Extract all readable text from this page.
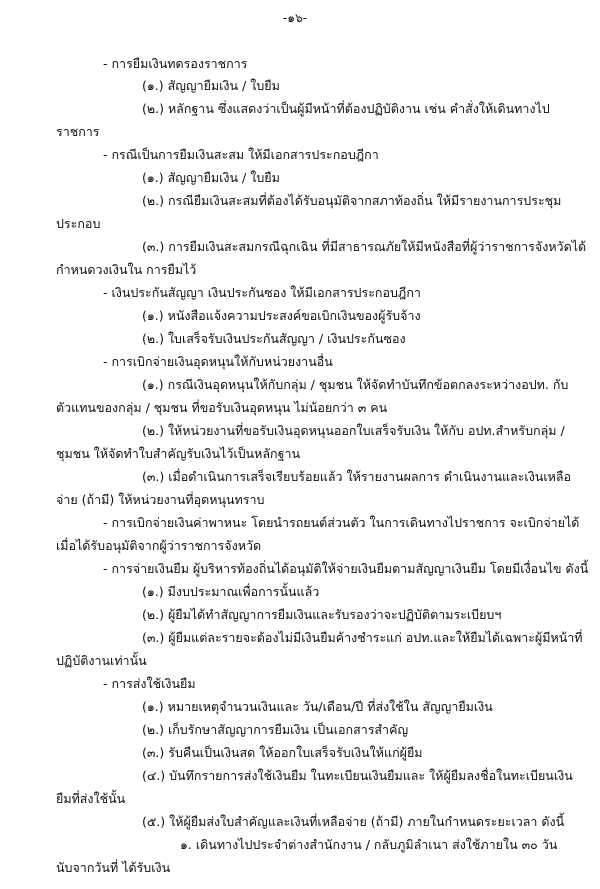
-๑๖-
- การยืมเงินทดรองราชการ
(๑.) สัญญายืมเงิน / ใบยืม
(๒.) หลักฐาน ซึ่งแสดงว่าเป็นผู้มีหน้าที่ต้องปฏิบัติงาน เช่น คำสั่งให้เดินทางไป
ราชการ
- กรณีเป็นการยืมเงินสะสม ให้มีเอกสารประกอบฎีกา
(๑.) สัญญายืมเงิน / ใบยืม
(๒.) กรณียืมเงินสะสมที่ต้องได้รับอนุมัติจากสภาท้องถิ่น ให้มีรายงานการประชุม
ประกอบ
(๓.) การยืมเงินสะสมกรณีฉุกเฉิน ที่มีสาธารณภัยให้มีหนังสือที่ผู้ว่าราชการจังหวัดได้
กำหนดวงเงินใน การยืมไว้
- เงินประกันสัญญา เงินประกันซอง ให้มีเอกสารประกอบฎีกา
(๑.) หนังสือแจ้งความประสงค์ขอเบิกเงินของผู้รับจ้าง
(๒.) ใบเสร็จรับเงินประกันสัญญา / เงินประกันซอง
- การเบิกจ่ายเงินอุดหนุนให้กับหน่วยงานอื่น
(๑.) กรณีเงินอุดหนุนให้กับกลุ่ม / ชุมชน ให้จัดทำบันทึกข้อตกลงระหว่างอปท. กับ
ตัวแทนของกลุ่ม / ชุมชน ที่ขอรับเงินอุดหนุน ไม่น้อยกว่า ๓ คน
(๒.) ให้หน่วยงานที่ขอรับเงินอุดหนุนออกใบเสร็จรับเงิน ให้กับ อปท.สำหรับกลุ่ม /
ชุมชน ให้จัดทำใบสำคัญรับเงินไว้เป็นหลักฐาน
(๓.) เมื่อดำเนินการเสร็จเรียบร้อยแล้ว ให้รายงานผลการ ดำเนินงานและเงินเหลือ
จ่าย (ถ้ามี) ให้หน่วยงานที่อุดหนุนทราบ
- การเบิกจ่ายเงินค่าพาหนะ โดยนำรถยนต์ส่วนตัว ในการเดินทางไปราชการ จะเบิกจ่ายได้
เมื่อได้รับอนุมัติจากผู้ว่าราชการจังหวัด
- การจ่ายเงินยืม ผู้บริหารท้องถิ่นได้อนุมัติให้จ่ายเงินยืมตามสัญญาเงินยืม โดยมีเงื่อนไข ดังนี้
(๑.) มีงบประมาณเพื่อการนั้นแล้ว
(๒.) ผู้ยืมได้ทำสัญญาการยืมเงินและรับรองว่าจะปฏิบัติตามระเบียบฯ
(๓.) ผู้ยืมแต่ละรายจะต้องไม่มีเงินยืมค้างชำระแก่ อปท.และให้ยืมได้เฉพาะผู้มีหน้าที่
ปฏิบัติงานเท่านั้น
- การส่งใช้เงินยืม
(๑.) หมายเหตุจำนวนเงินและ วัน/เดือน/ปี ที่ส่งใช้ใน สัญญายืมเงิน
(๒.) เก็บรักษาสัญญาการยืมเงิน เป็นเอกสารสำคัญ
(๓.) รับคืนเป็นเงินสด ให้ออกใบเสร็จรับเงินให้แก่ผู้ยืม
(๔.) บันทึกรายการส่งใช้เงินยืม ในทะเบียนเงินยืมและ ให้ผู้ยืมลงชื่อในทะเบียนเงิน
ยืมที่ส่งใช้นั้น
(๕.) ให้ผู้ยืมส่งใบสำคัญและเงินที่เหลือจ่าย (ถ้ามี) ภายในกำหนดระยะเวลา ดังนี้
๑. เดินทางไปประจำต่างสำนักงาน / กลับภูมิลำเนา ส่งใช้ภายใน ๓๐ วัน
นับจากวันที่ ได้รับเงิน
